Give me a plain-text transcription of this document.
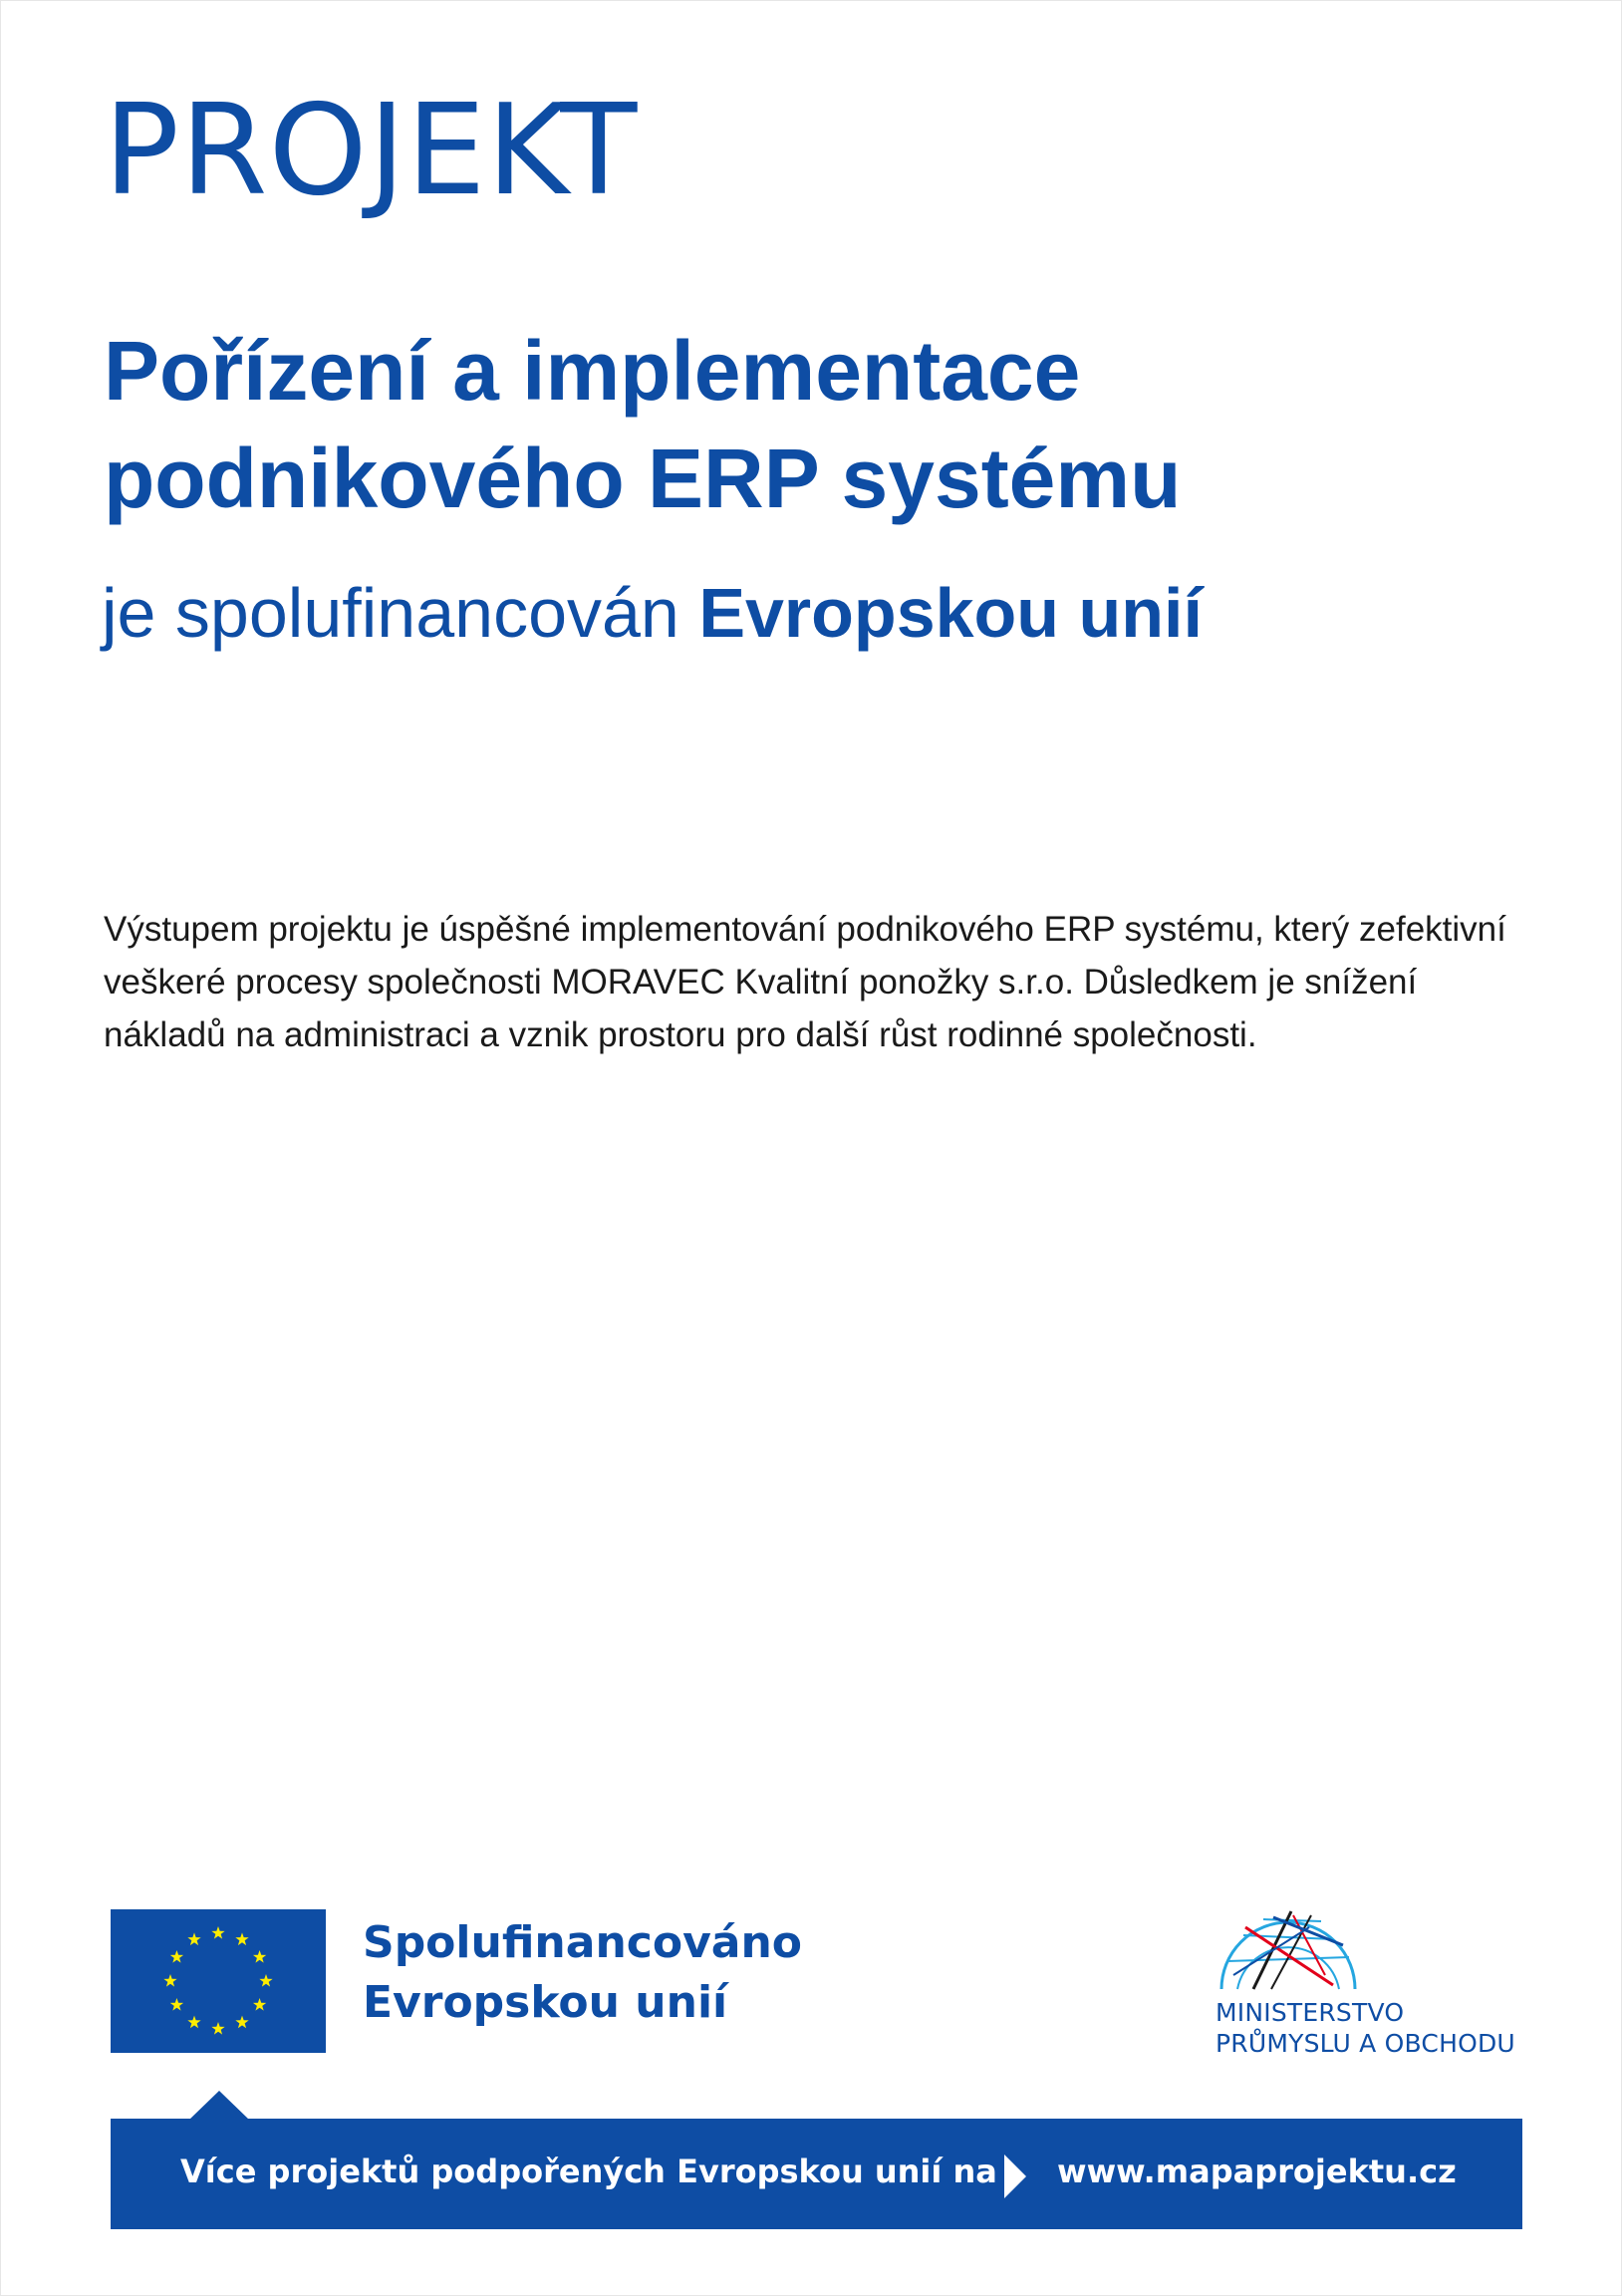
PROJEKT
Pořízení a implementace podnikového ERP systému

je spolufinancován Evropskou unií

Výstupem projektu je úspěšné implementování podnikového ERP systému, který zefektivní veškeré procesy společnosti MORAVEC Kvalitní ponožky s.r.o. Důsledkem je snížení nákladů na administraci a vznik prostoru pro další růst rodinné společnosti.

Spolufinancováno
Evropskou unií	MINISTERSTVO
PRŮMYSLU A OBCHODU
Více projektů podpořených Evropskou unií na www.mapaprojektu.cz
